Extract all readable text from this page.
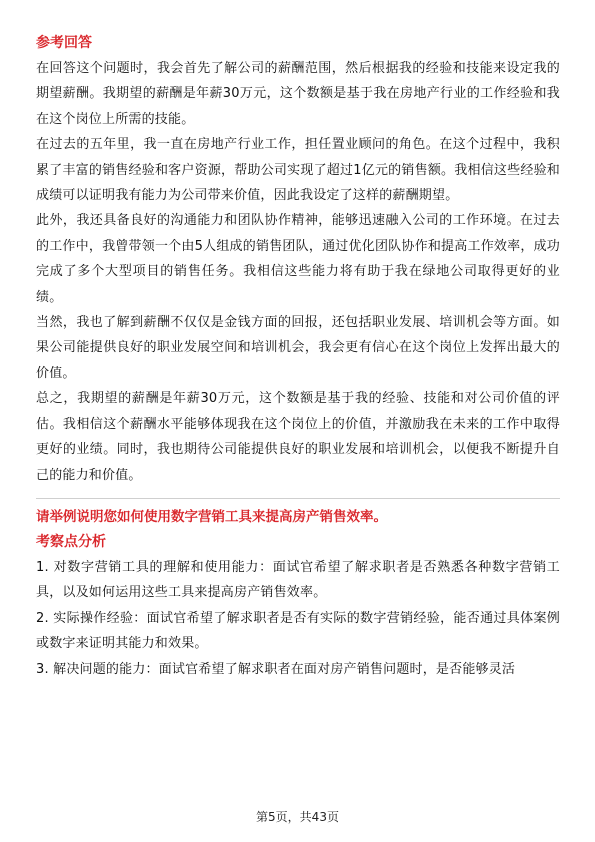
参考回答

在回答这个问题时，我会首先了解公司的薪酬范围，然后根据我的经验和技能来设定我的期望薪酬。我期望的薪酬是年薪30万元，这个数额是基于我在房地产行业的工作经验和我在这个岗位上所需的技能。

在过去的五年里，我一直在房地产行业工作，担任置业顾问的角色。在这个过程中，我积累了丰富的销售经验和客户资源，帮助公司实现了超过1亿元的销售额。我相信这些经验和成绩可以证明我有能力为公司带来价值，因此我设定了这样的薪酬期望。

此外，我还具备良好的沟通能力和团队协作精神，能够迅速融入公司的工作环境。在过去的工作中，我曾带领一个由5人组成的销售团队，通过优化团队协作和提高工作效率，成功完成了多个大型项目的销售任务。我相信这些能力将有助于我在绿地公司取得更好的业绩。

当然，我也了解到薪酬不仅仅是金钱方面的回报，还包括职业发展、培训机会等方面。如果公司能提供良好的职业发展空间和培训机会，我会更有信心在这个岗位上发挥出最大的价值。

总之，我期望的薪酬是年薪30万元，这个数额是基于我的经验、技能和对公司价值的评估。我相信这个薪酬水平能够体现我在这个岗位上的价值，并激励我在未来的工作中取得更好的业绩。同时，我也期待公司能提供良好的职业发展和培训机会，以便我不断提升自己的能力和价值。

请举例说明您如何使用数字营销工具来提高房产销售效率。
考察点分析

1. 对数字营销工具的理解和使用能力：面试官希望了解求职者是否熟悉各种数字营销工具，以及如何运用这些工具来提高房产销售效率。

2. 实际操作经验：面试官希望了解求职者是否有实际的数字营销经验，能否通过具体案例或数字来证明其能力和效果。

3. 解决问题的能力：面试官希望了解求职者在面对房产销售问题时，是否能够灵活

第5页，共43页
